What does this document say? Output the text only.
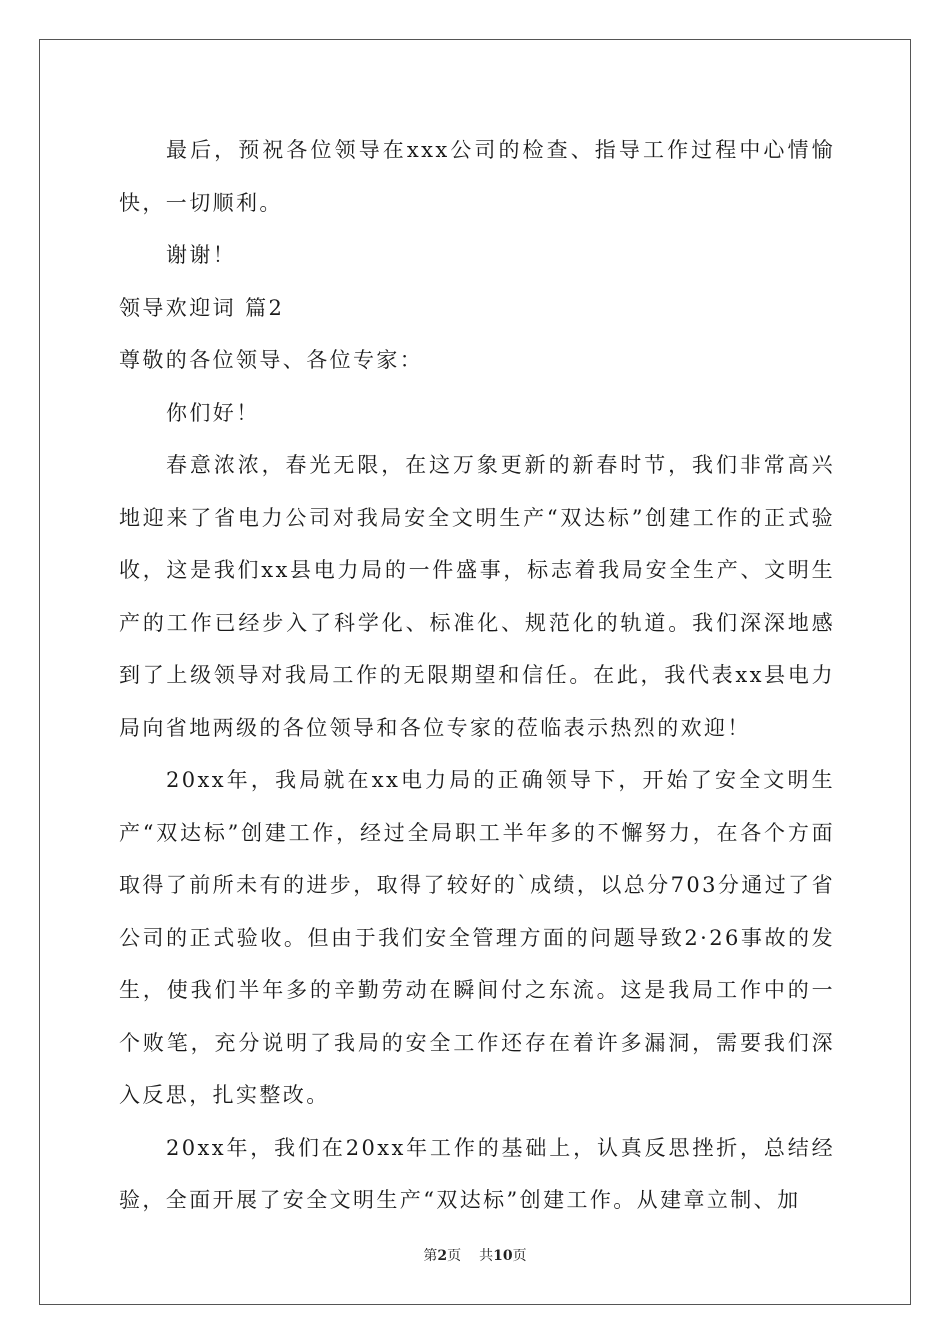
最后，预祝各位领导在xxx公司的检查、指导工作过程中心情愉快，一切顺利。

谢谢！

领导欢迎词 篇2

尊敬的各位领导、各位专家：

你们好！

春意浓浓，春光无限，在这万象更新的新春时节，我们非常高兴地迎来了省电力公司对我局安全文明生产“双达标”创建工作的正式验收，这是我们xx县电力局的一件盛事，标志着我局安全生产、文明生产的工作已经步入了科学化、标准化、规范化的轨道。我们深深地感到了上级领导对我局工作的无限期望和信任。在此，我代表xx县电力局向省地两级的各位领导和各位专家的莅临表示热烈的欢迎！

20xx年，我局就在xx电力局的正确领导下，开始了安全文明生产“双达标”创建工作，经过全局职工半年多的不懈努力，在各个方面取得了前所未有的进步，取得了较好的`成绩，以总分703分通过了省公司的正式验收。但由于我们安全管理方面的问题导致2·26事故的发生，使我们半年多的辛勤劳动在瞬间付之东流。这是我局工作中的一个败笔，充分说明了我局的安全工作还存在着许多漏洞，需要我们深入反思，扎实整改。

20xx年，我们在20xx年工作的基础上，认真反思挫折，总结经验，全面开展了安全文明生产“双达标”创建工作。从建章立制、加

第2页 共10页
